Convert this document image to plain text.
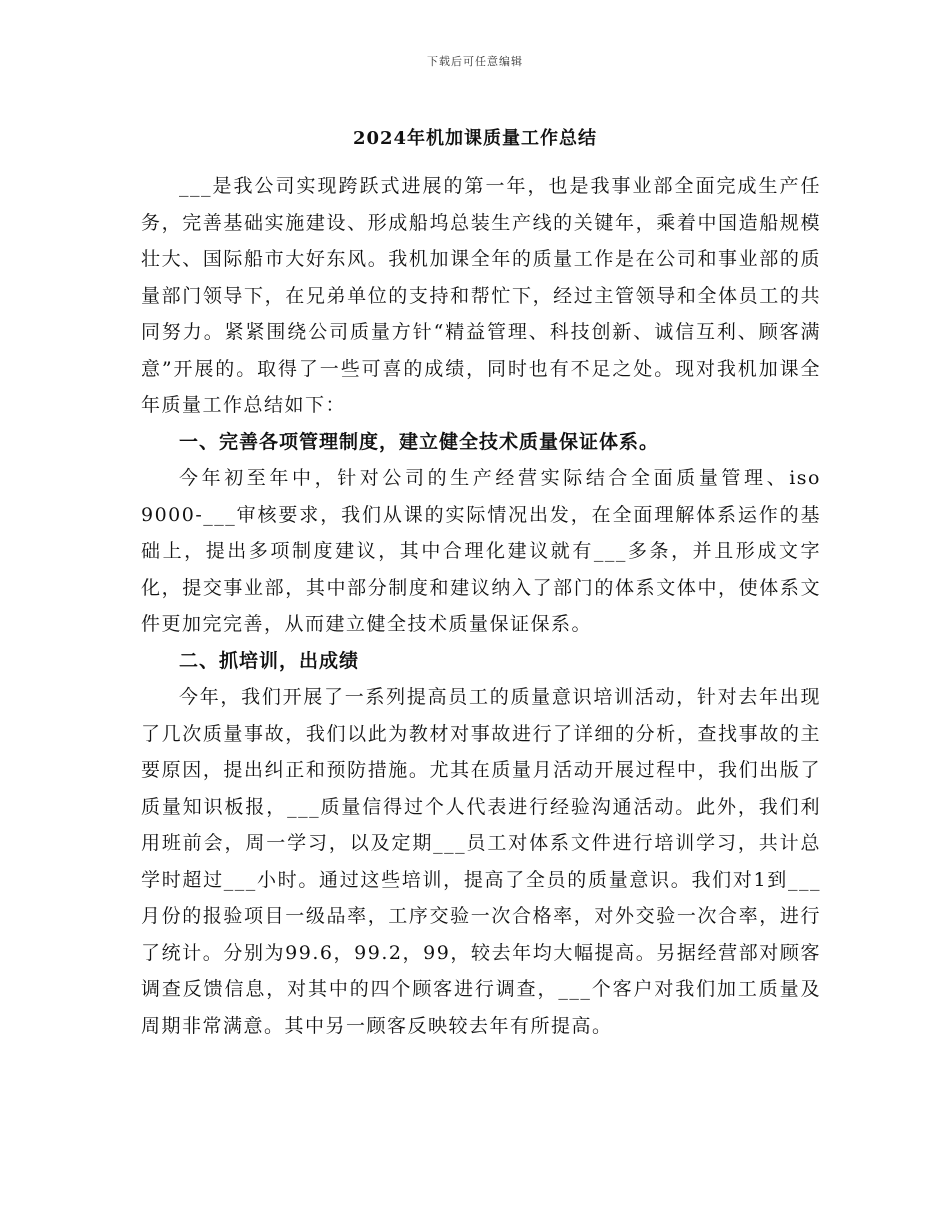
下载后可任意编辑
2024年机加课质量工作总结

___是我公司实现跨跃式进展的第一年，也是我事业部全面完成生产任务，完善基础实施建设、形成船坞总装生产线的关键年，乘着中国造船规模壮大、国际船市大好东风。我机加课全年的质量工作是在公司和事业部的质量部门领导下，在兄弟单位的支持和帮忙下，经过主管领导和全体员工的共同努力。紧紧围绕公司质量方针“精益管理、科技创新、诚信互利、顾客满意”开展的。取得了一些可喜的成绩，同时也有不足之处。现对我机加课全年质量工作总结如下：

一、完善各项管理制度，建立健全技术质量保证体系。

今年初至年中，针对公司的生产经营实际结合全面质量管理、iso 9000-___审核要求，我们从课的实际情况出发，在全面理解体系运作的基础上，提出多项制度建议，其中合理化建议就有___多条，并且形成文字化，提交事业部，其中部分制度和建议纳入了部门的体系文体中，使体系文件更加完完善，从而建立健全技术质量保证保系。

二、抓培训，出成绩

今年，我们开展了一系列提高员工的质量意识培训活动，针对去年出现了几次质量事故，我们以此为教材对事故进行了详细的分析，查找事故的主要原因，提出纠正和预防措施。尤其在质量月活动开展过程中，我们出版了质量知识板报，___质量信得过个人代表进行经验沟通活动。此外，我们利用班前会，周一学习，以及定期___员工对体系文件进行培训学习，共计总学时超过___小时。通过这些培训，提高了全员的质量意识。我们对1到___月份的报验项目一级品率，工序交验一次合格率，对外交验一次合率，进行了统计。分别为99.6，99.2，99，较去年均大幅提高。另据经营部对顾客调查反馈信息，对其中的四个顾客进行调查，___个客户对我们加工质量及周期非常满意。其中另一顾客反映较去年有所提高。
